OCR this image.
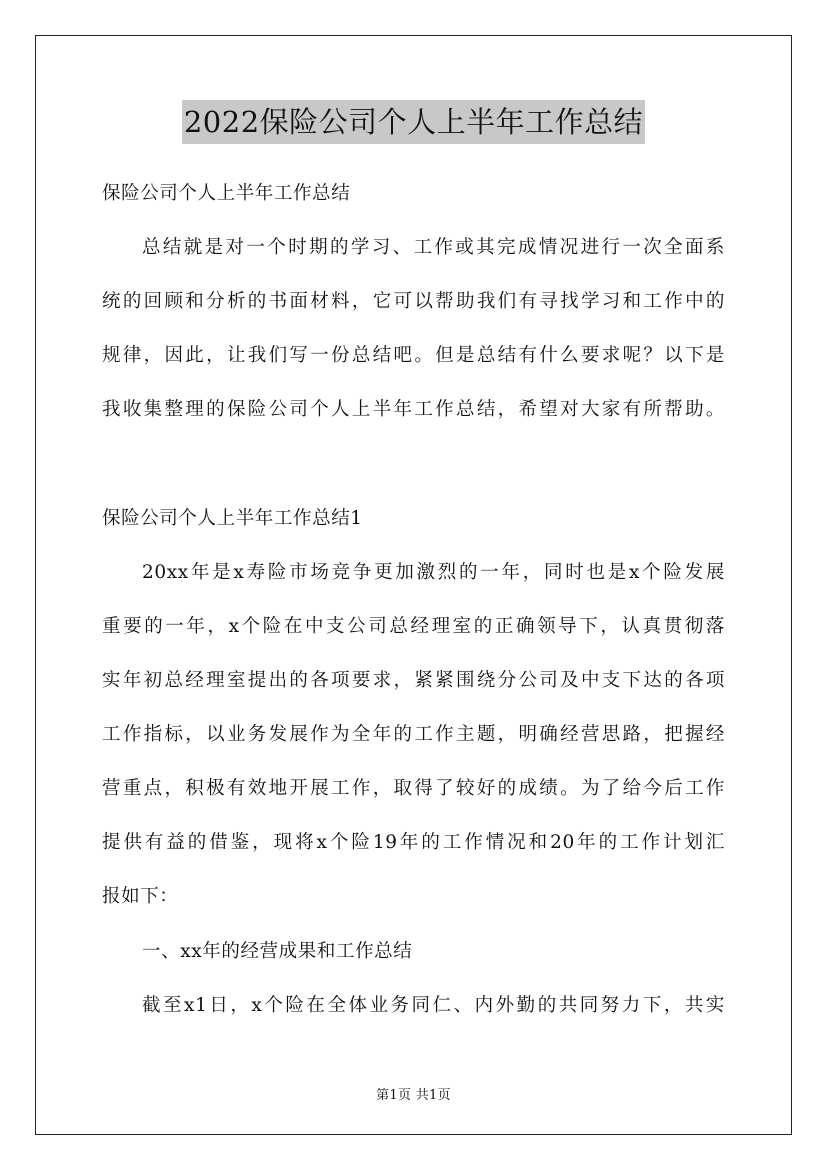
2022保险公司个人上半年工作总结
保险公司个人上半年工作总结
总结就是对一个时期的学习、工作或其完成情况进行一次全面系
统的回顾和分析的书面材料，它可以帮助我们有寻找学习和工作中的
规律，因此，让我们写一份总结吧。但是总结有什么要求呢？以下是
我收集整理的保险公司个人上半年工作总结，希望对大家有所帮助。
保险公司个人上半年工作总结1
20xx年是x寿险市场竞争更加激烈的一年，同时也是x个险发展
重要的一年，x个险在中支公司总经理室的正确领导下，认真贯彻落
实年初总经理室提出的各项要求，紧紧围绕分公司及中支下达的各项
工作指标，以业务发展作为全年的工作主题，明确经营思路，把握经
营重点，积极有效地开展工作，取得了较好的成绩。为了给今后工作
提供有益的借鉴，现将x个险19年的工作情况和20年的工作计划汇
报如下：
一、xx年的经营成果和工作总结
截至x1日，x个险在全体业务同仁、内外勤的共同努力下，共实
第1页 共1页
